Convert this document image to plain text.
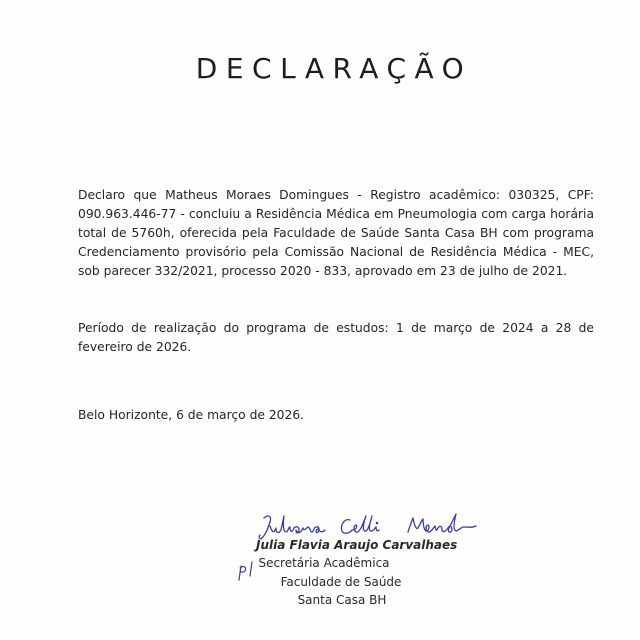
DECLARAÇÃO
Declaro que Matheus Moraes Domingues - Registro acadêmico: 030325, CPF: 090.963.446-77 - concluiu a Residência Médica em Pneumologia com carga horária total de 5760h, oferecida pela Faculdade de Saúde Santa Casa BH com programa Credenciamento provisório pela Comissão Nacional de Residência Médica - MEC, sob parecer 332/2021, processo 2020 - 833, aprovado em 23 de julho de 2021.
Período de realização do programa de estudos: 1 de março de 2024 a 28 de fevereiro de 2026.
Belo Horizonte, 6 de março de 2026.
Julia Flavia Araujo Carvalhaes
Secretária Acadêmica
Faculdade de Saúde
Santa Casa BH
